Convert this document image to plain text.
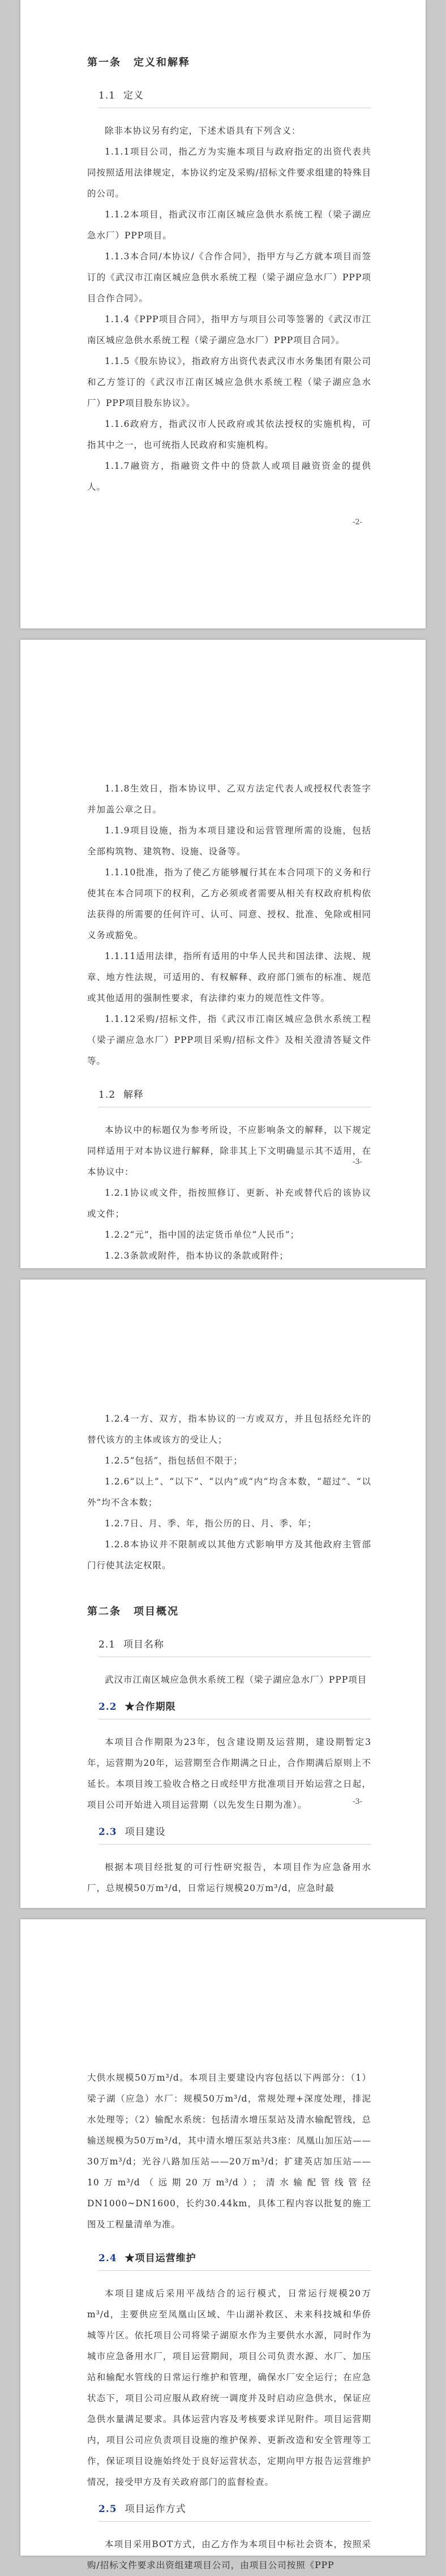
第一条 定义和解释
1.1 定义

除非本协议另有约定，下述术语具有下列含义：

1.1.1项目公司，指乙方为实施本项目与政府指定的出资代表共同按照适用法律规定，本协议约定及采购/招标文件要求组建的特殊目的公司。

1.1.2本项目，指武汉市江南区城应急供水系统工程（梁子湖应急水厂）PPP项目。

1.1.3本合同/本协议/《合作合同》，指甲方与乙方就本项目而签订的《武汉市江南区城应急供水系统工程（梁子湖应急水厂）PPP项目合作合同》。

1.1.4《PPP项目合同》，指甲方与项目公司等签署的《武汉市江南区城应急供水系统工程（梁子湖应急水厂）PPP项目合同》。

1.1.5《股东协议》，指政府方出资代表武汉市水务集团有限公司和乙方签订的《武汉市江南区城应急供水系统工程（梁子湖应急水厂）PPP项目股东协议》。

1.1.6政府方，指武汉市人民政府或其依法授权的实施机构，可指其中之一，也可统指人民政府和实施机构。

1.1.7融资方，指融资文件中的贷款人或项目融资资金的提供人。

-2-

1.1.8生效日，指本协议甲、乙双方法定代表人或授权代表签字并加盖公章之日。

1.1.9项目设施，指为本项目建设和运营管理所需的设施，包括全部构筑物、建筑物、设施、设备等。

1.1.10批准，指为了使乙方能够履行其在本合同项下的义务和行使其在本合同项下的权利，乙方必须或者需要从相关有权政府机构依法获得的所需要的任何许可、认可、同意、授权、批准、免除或相同义务或豁免。

1.1.11适用法律，指所有适用的中华人民共和国法律、法规、规章、地方性法规，可适用的、有权解释、政府部门颁布的标准、规范或其他适用的强制性要求，有法律约束力的规范性文件等。

1.1.12采购/招标文件，指《武汉市江南区城应急供水系统工程（梁子湖应急水厂）PPP项目采购/招标文件》及相关澄清答疑文件等。

1.2 解释

本协议中的标题仅为参考所设，不应影响条文的解释，以下规定同样适用于对本协议进行解释，除非其上下文明确显示其不适用，在本协议中：

1.2.1协议或文件，指按照修订、更新、补充或替代后的该协议或文件；

1.2.2“元”，指中国的法定货币单位“人民币”；

1.2.3条款或附件，指本协议的条款或附件；

-3-

1.2.4一方、双方，指本协议的一方或双方，并且包括经允许的替代该方的主体或该方的受让人；

1.2.5“包括”，指包括但不限于；

1.2.6“以上”、“以下”、“以内”或“内”均含本数，“超过”、“以外”均不含本数；

1.2.7日、月、季、年，指公历的日、月、季、年；

1.2.8本协议并不限制或以其他方式影响甲方及其他政府主管部门行使其法定权限。

第二条 项目概况
2.1 项目名称

武汉市江南区城应急供水系统工程（梁子湖应急水厂）PPP项目

2.2 ★合作期限

本项目合作期限为23年，包含建设期及运营期，建设期暂定3年，运营期为20年，运营期至合作期满之日止，合作期满后原则上不延长。本项目竣工验收合格之日或经甲方批准项目开始运营之日起，项目公司开始进入项目运营期（以先发生日期为准）。

2.3 项目建设

根据本项目经批复的可行性研究报告，本项目作为应急备用水厂，总规模50万m³/d，日常运行规模20万m³/d，应急时最

-3-

大供水规模50万m³/d。本项目主要建设内容包括以下两部分：（1）梁子湖（应急）水厂：规模50万m³/d，常规处理+深度处理，排泥水处理等；（2）输配水系统：包括清水增压泵站及清水输配管线，总输送规模为50万m³/d，其中清水增压泵站共3座：凤凰山加压站——30万m³/d；光谷八路加压站——20万m³/d；扩建英店加压站——10万m³/d（远期20万m³/d）；清水输配管线管径DN1000~DN1600，长约30.44km，具体工程内容以批复的施工图及工程量清单为准。

2.4 ★项目运营维护

本项目建成后采用平战结合的运行模式，日常运行规模20万m³/d，主要供应至凤凰山区域、牛山湖补救区、未来科技城和华侨城等片区。依托项目公司将梁子湖原水作为主要供水水源，同时作为城市应急备用水厂，项目运营期间，项目公司负责水源、水厂、加压站和输配水管线的日常运行维护和管理，确保水厂安全运行；在应急状态下，项目公司应服从政府统一调度并及时启动应急供水，保证应急供水量满足要求。具体运营内容及考核要求详见附件。项目运营期内，项目公司应负责项目设施的维护保养、更新改造和安全管理等工作，保证项目设施始终处于良好运营状态，定期向甲方报告运营维护情况，接受甲方及有关政府部门的监督检查。

2.5 项目运作方式

本项目采用BOT方式，由乙方作为本项目中标社会资本，按照采购/招标文件要求出资组建项目公司，由项目公司按照《PPP
